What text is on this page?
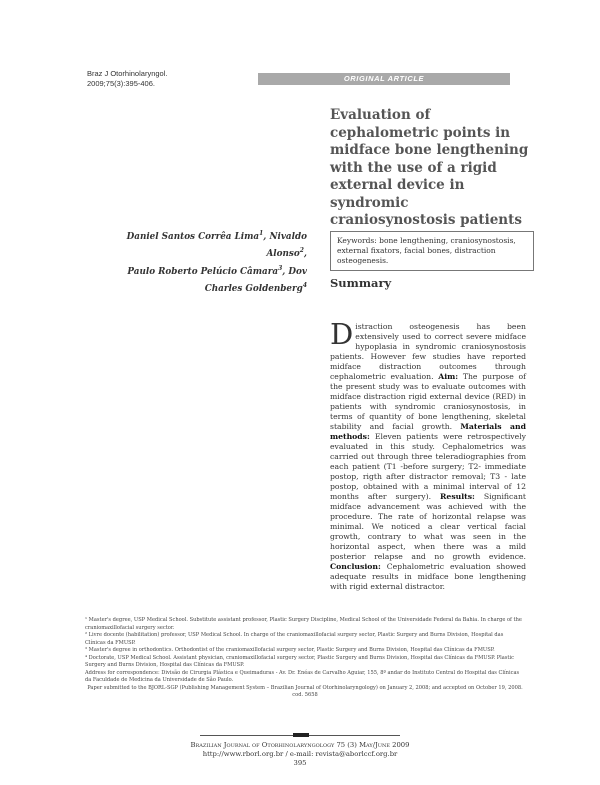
Braz J Otorhinolaryngol.
2009;75(3):395-406.
ORIGINAL ARTICLE
Evaluation of cephalometric points in midface bone lengthening with the use of a rigid external device in syndromic craniosynostosis patients
Daniel Santos Corrêa Lima$^1$, Nivaldo Alonso$^2$,
Paulo Roberto Pelúcio Câmara$^3$, Dov Charles Goldenberg$^4$
Keywords: bone lengthening, craniosynostosis, external fixators, facial bones, distraction osteogenesis.
Summary

Distraction osteogenesis has been extensively used to correct severe midface hypoplasia in syndromic craniosynostosis patients. However few studies have reported midface distraction outcomes through cephalometric evaluation. Aim: The purpose of the present study was to evaluate outcomes with midface distraction rigid external device (RED) in patients with syndromic craniosynostosis, in terms of quantity of bone lengthening, skeletal stability and facial growth. Materials and methods: Eleven patients were retrospectively evaluated in this study. Cephalometrics was carried out through three teleradiographies from each patient (T1 -before surgery; T2- immediate postop, rigth after distractor removal; T3 - late postop, obtained with a minimal interval of 12 months after surgery). Results: Significant midface advancement was achieved with the procedure. The rate of horizontal relapse was minimal. We noticed a clear vertical facial growth, contrary to what was seen in the horizontal aspect, when there was a mild posterior relapse and no growth evidence. Conclusion: Cephalometric evaluation showed adequate results in midface bone lengthening with rigid external distractor.

¹ Master's degree, USP Medical School. Substitute assistant professor, Plastic Surgery Discipline, Medical School of the Universidade Federal da Bahia. In charge of the craniomaxillofacial surgery sector.
² Livre docente (habilitation) professor, USP Medical School. In charge of the craniomaxillofacial surgery sector, Plastic Surgery and Burns Division, Hospital das Clínicas da FMUSP.
³ Master's degree in orthodontics. Orthodontist of the craniomaxillofacial surgery sector, Plastic Surgery and Burns Division, Hospital das Clínicas da FMUSP.
⁴ Doctorate, USP Medical School. Assistant physician, craniomaxillofacial surgery sector, Plastic Surgery and Burns Division, Hospital das Clínicas da FMUSP. Plastic Surgery and Burns Division, Hospital das Clínicas da FMUSP.
Address for correspondence: Divisão de Cirurgia Plástica e Queimaduras - Av. Dr. Enéas de Carvalho Aguiar, 155, 8º andar do Instituto Central do Hospital das Clínicas da Faculdade de Medicina da Universidade de São Paulo.
Paper submitted to the BJORL-SGP (Publishing Management System – Brazilian Journal of Otorhinolaryngology) on January 2, 2008; and accepted on October 19, 2008. cod. 5658
Brazilian Journal of Otorhinolaryngology 75 (3) May/June 2009
http://www.rborl.org.br / e-mail: revista@aborlccf.org.br
395
